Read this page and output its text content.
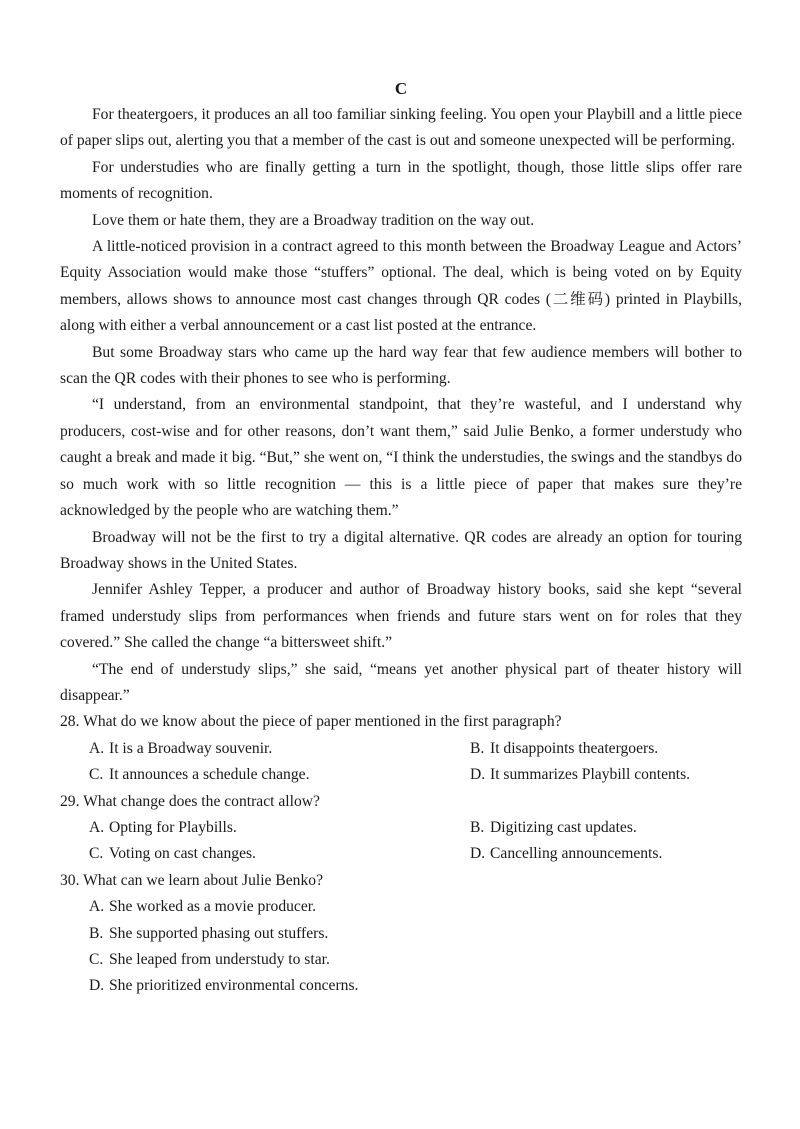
C

For theatergoers, it produces an all too familiar sinking feeling. You open your Playbill and a little piece of paper slips out, alerting you that a member of the cast is out and someone unexpected will be performing.

For understudies who are finally getting a turn in the spotlight, though, those little slips offer rare moments of recognition.

Love them or hate them, they are a Broadway tradition on the way out.

A little-noticed provision in a contract agreed to this month between the Broadway League and Actors’ Equity Association would make those “stuffers” optional. The deal, which is being voted on by Equity members, allows shows to announce most cast changes through QR codes (二维码) printed in Playbills, along with either a verbal announcement or a cast list posted at the entrance.

But some Broadway stars who came up the hard way fear that few audience members will bother to scan the QR codes with their phones to see who is performing.

“I understand, from an environmental standpoint, that they’re wasteful, and I understand why producers, cost-wise and for other reasons, don’t want them,” said Julie Benko, a former understudy who caught a break and made it big. “But,” she went on, “I think the understudies, the swings and the standbys do so much work with so little recognition — this is a little piece of paper that makes sure they’re acknowledged by the people who are watching them.”

Broadway will not be the first to try a digital alternative. QR codes are already an option for touring Broadway shows in the United States.

Jennifer Ashley Tepper, a producer and author of Broadway history books, said she kept “several framed understudy slips from performances when friends and future stars went on for roles that they covered.” She called the change “a bittersweet shift.”

“The end of understudy slips,” she said, “means yet another physical part of theater history will disappear.”

28. What do we know about the piece of paper mentioned in the first paragraph?

A. It is a Broadway souvenir.	B. It disappoints theatergoers.
C. It announces a schedule change.	D. It summarizes Playbill contents.

29. What change does the contract allow?

A. Opting for Playbills.	B. Digitizing cast updates.
C. Voting on cast changes.	D. Cancelling announcements.

30. What can we learn about Julie Benko?

A. She worked as a movie producer.
B. She supported phasing out stuffers.
C. She leaped from understudy to star.
D. She prioritized environmental concerns.
